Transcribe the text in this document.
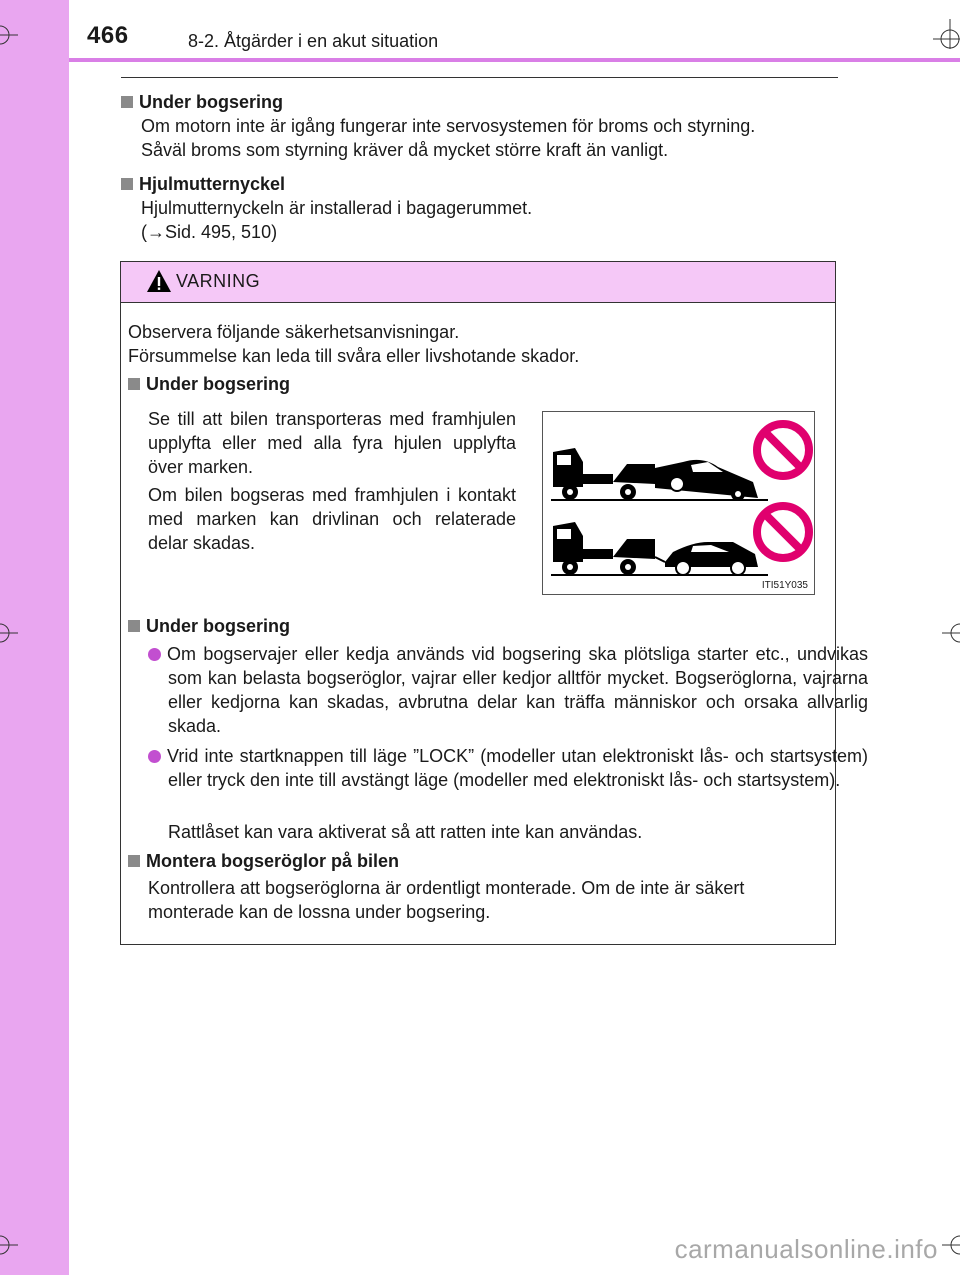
466	8-2. Åtgärder i en akut situation
Under bogsering
Om motorn inte är igång fungerar inte servosystemen för broms och styrning.
Såväl broms som styrning kräver då mycket större kraft än vanligt.
Hjulmutternyckel
Hjulmutternyckeln är installerad i bagagerummet.
(→Sid. 495, 510)
VARNING
Observera följande säkerhetsanvisningar.
Försummelse kan leda till svåra eller livshotande skador.
Under bogsering
Se till att bilen transporteras med framhjulen upplyfta eller med alla fyra hjulen upplyfta över marken.
Om bilen bogseras med framhjulen i kontakt med marken kan drivlinan och relaterade delar skadas.
ITI51Y035
Under bogsering
Om bogservajer eller kedja används vid bogsering ska plötsliga starter etc., undvikas som kan belasta bogseröglor, vajrar eller kedjor alltför mycket. Bogseröglorna, vajrarna eller kedjorna kan skadas, avbrutna delar kan träffa människor och orsaka allvarlig skada.
Vrid inte startknappen till läge ”LOCK” (modeller utan elektroniskt lås- och startsystem) eller tryck den inte till avstängt läge (modeller med elektroniskt lås- och startsystem).
Rattlåset kan vara aktiverat så att ratten inte kan användas.
Montera bogseröglor på bilen
Kontrollera att bogseröglorna är ordentligt monterade. Om de inte är säkert monterade kan de lossna under bogsering.
carmanualsonline.info
